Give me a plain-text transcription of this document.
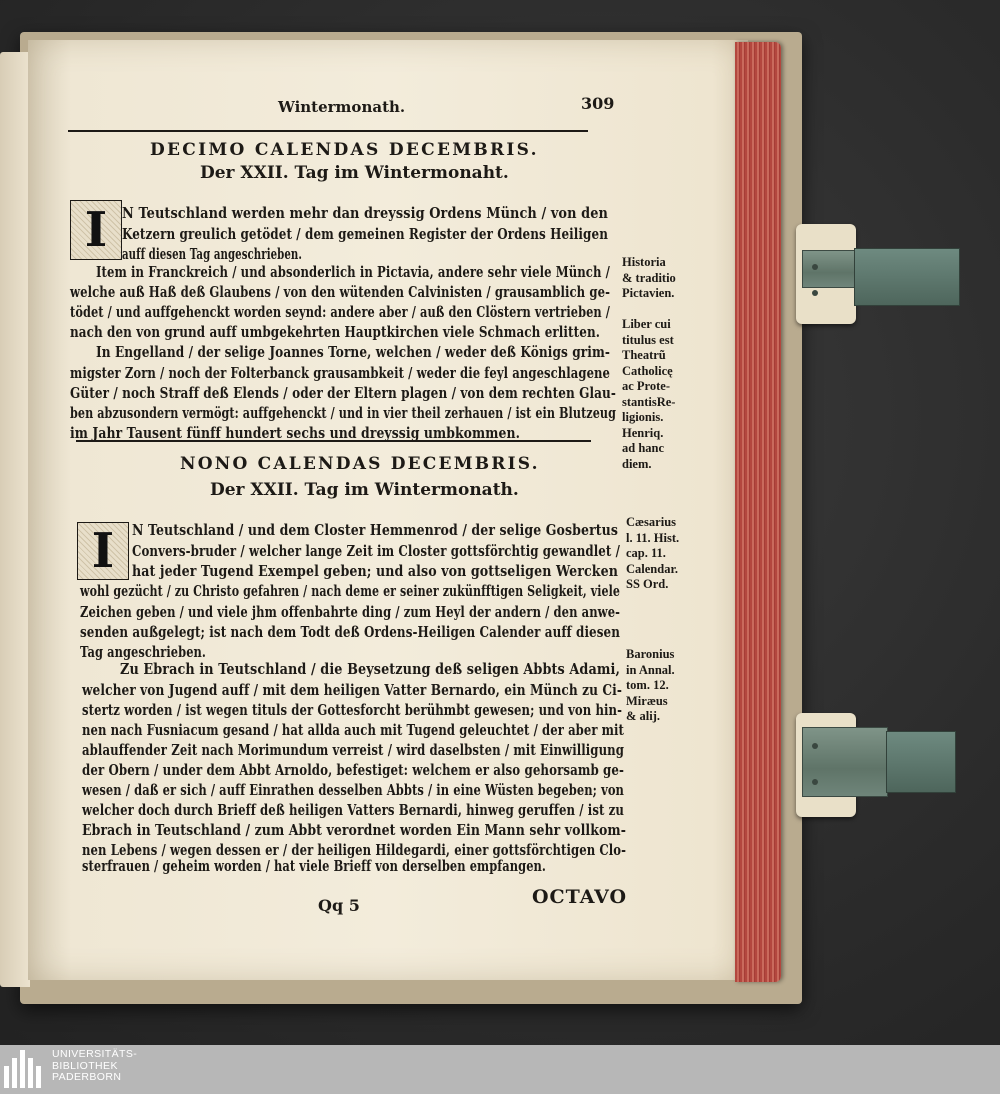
Wintermonath.	309
DECIMO CALENDAS DECEMBRIS.
Der XXII. Tag im Wintermonaht.
I	N Teutschland werden mehr dan dreyssig Ordens Münch / von den
Ketzern greulich getödet / dem gemeinen Register der Ordens Heiligen
auff diesen Tag angeschrieben.
Item in Franckreich / und absonderlich in Pictavia, andere sehr viele Münch /
welche auß Haß deß Glaubens / von den wütenden Calvinisten / grausamblich ge-
tödet / und auffgehenckt worden seynd: andere aber / auß den Clöstern vertrieben /
nach den von grund auff umbgekehrten Hauptkirchen viele Schmach erlitten.
In Engelland / der selige Joannes Torne, welchen / weder deß Königs grim-
migster Zorn / noch der Folterbanck grausambkeit / weder die feyl angeschlagene
Güter / noch Straff deß Elends / oder der Eltern plagen / von dem rechten Glau-
ben abzusondern vermögt: auffgehenckt / und in vier theil zerhauen / ist ein Blutzeug
im Jahr Tausent fünff hundert sechs und dreyssig umbkommen.
Historia
& traditio
Pictavien.
Liber cui
titulus est
Theatrũ
Catholicę
ac Prote-
stantisRe-
ligionis.
Henriq.
ad hanc
diem.
NONO CALENDAS DECEMBRIS.
Der XXII. Tag im Wintermonath.
I	N Teutschland / und dem Closter Hemmenrod / der selige Gosbertus
Convers-bruder / welcher lange Zeit im Closter gottsförchtig gewandlet /
hat jeder Tugend Exempel geben; und also von gottseligen Wercken
wohl gezücht / zu Christo gefahren / nach deme er seiner zukünfftigen Seligkeit, viele
Zeichen geben / und viele jhm offenbahrte ding / zum Heyl der andern / den anwe-
senden außgelegt; ist nach dem Todt deß Ordens-Heiligen Calender auff diesen
Tag angeschrieben.
Zu Ebrach in Teutschland / die Beysetzung deß seligen Abbts Adami,
welcher von Jugend auff / mit dem heiligen Vatter Bernardo, ein Münch zu Ci-
stertz worden / ist wegen tituls der Gottesforcht berühmbt gewesen; und von hin-
nen nach Fusniacum gesand / hat allda auch mit Tugend geleuchtet / der aber mit
ablauffender Zeit nach Morimundum verreist / wird daselbsten / mit Einwilligung
der Obern / under dem Abbt Arnoldo, befestiget: welchem er also gehorsamb ge-
wesen / daß er sich / auff Einrathen desselben Abbts / in eine Wüsten begeben; von
welcher doch durch Brieff deß heiligen Vatters Bernardi, hinweg geruffen / ist zu
Ebrach in Teutschland / zum Abbt verordnet worden Ein Mann sehr vollkom-
nen Lebens / wegen dessen er / der heiligen Hildegardi, einer gottsförchtigen Clo-
sterfrauen / geheim worden / hat viele Brieff von derselben empfangen.
Cæsarius
l. 11. Hist.
cap. 11.
Calendar.
SS Ord.
Baronius
in Annal.
tom. 12.
Miræus
& alij.
Qq 5	OCTAVO
UNIVERSITÄTS-
BIBLIOTHEK
PADERBORN
